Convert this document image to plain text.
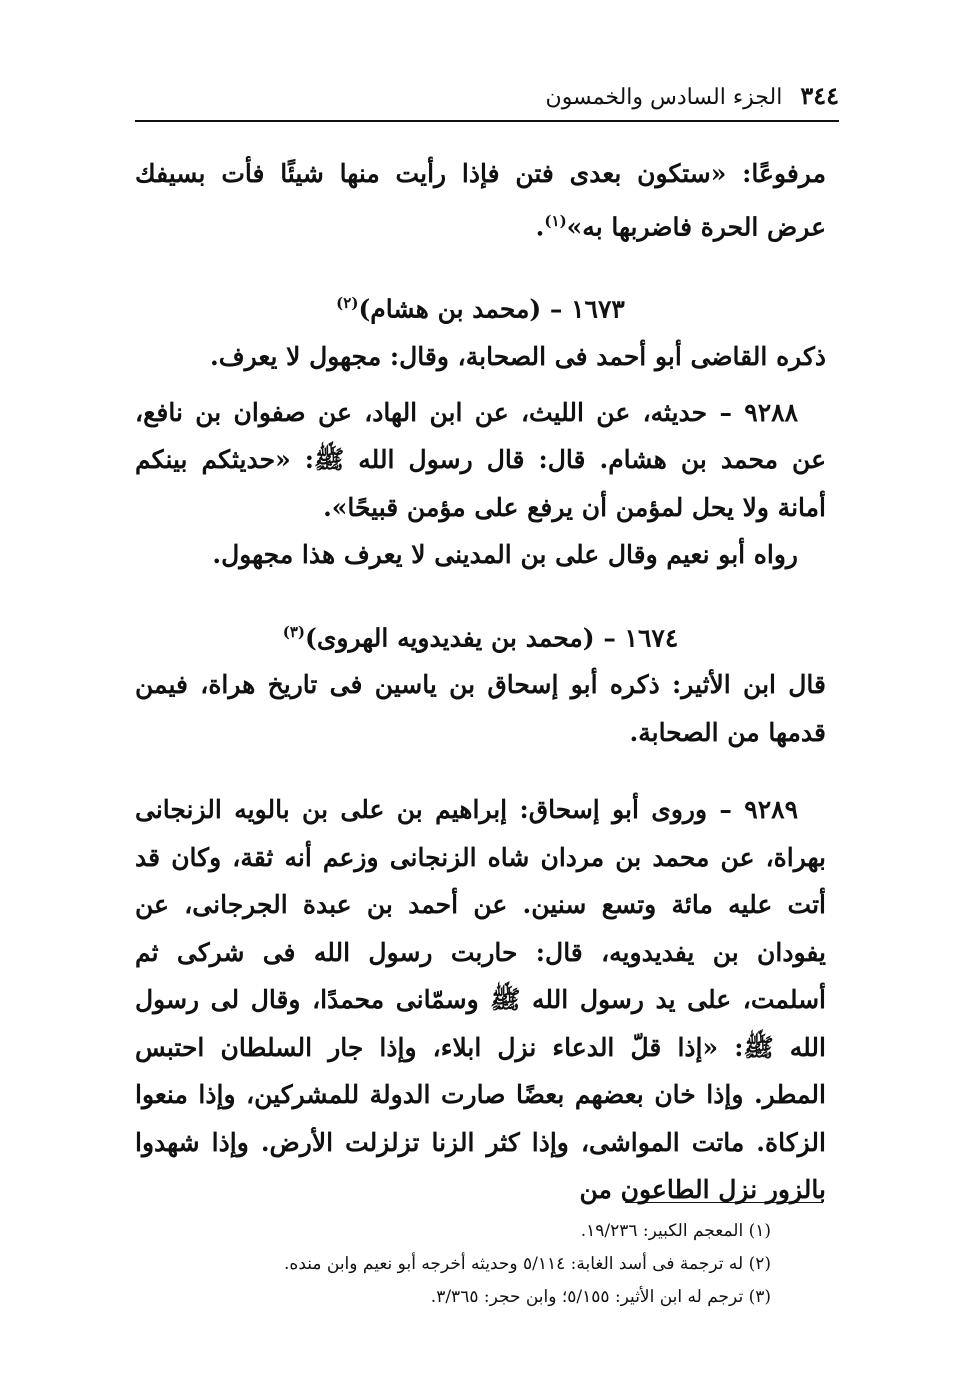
٣٤٤
الجزء السادس والخمسون

مرفوعًا: «ستكون بعدى فتن فإذا رأيت منها شيئًا فأت بسيفك عرض الحرة فاضربها به»$^{(١)}$.

١٦٧٣ – (محمد بن هشام)$^{(٢)}$

ذكره القاضى أبو أحمد فى الصحابة، وقال: مجهول لا يعرف.

٩٢٨٨ – حديثه، عن الليث، عن ابن الهاد، عن صفوان بن نافع، عن محمد بن هشام. قال: قال رسول الله ﷺ: «حديثكم بينكم أمانة ولا يحل لمؤمن أن يرفع على مؤمن قبيحًا».

رواه أبو نعيم وقال على بن المدينى لا يعرف هذا مجهول.

١٦٧٤ – (محمد بن يفديدويه الهروى)$^{(٣)}$

قال ابن الأثير: ذكره أبو إسحاق بن ياسين فى تاريخ هراة، فيمن قدمها من الصحابة.

٩٢٨٩ – وروى أبو إسحاق: إبراهيم بن على بن بالويه الزنجانى بهراة، عن محمد بن مردان شاه الزنجانى وزعم أنه ثقة، وكان قد أتت عليه مائة وتسع سنين. عن أحمد بن عبدة الجرجانى، عن يفودان بن يفديدويه، قال: حاربت رسول الله فى شركى ثم أسلمت، على يد رسول الله ﷺ وسمّانى محمدًا، وقال لى رسول الله ﷺ: «إذا قلّ الدعاء نزل ابلاء، وإذا جار السلطان احتبس المطر. وإذا خان بعضهم بعضًا صارت الدولة للمشركين، وإذا منعوا الزكاة. ماتت المواشى، وإذا كثر الزنا تزلزلت الأرض. وإذا شهدوا بالزور نزل الطاعون من

(١) المعجم الكبير: ١٩/٢٣٦.

(٢) له ترجمة فى أسد الغابة: ٥/١١٤ وحديثه أخرجه أبو نعيم وابن منده.

(٣) ترجم له ابن الأثير: ٥/١٥٥؛ وابن حجر: ٣/٣٦٥.
